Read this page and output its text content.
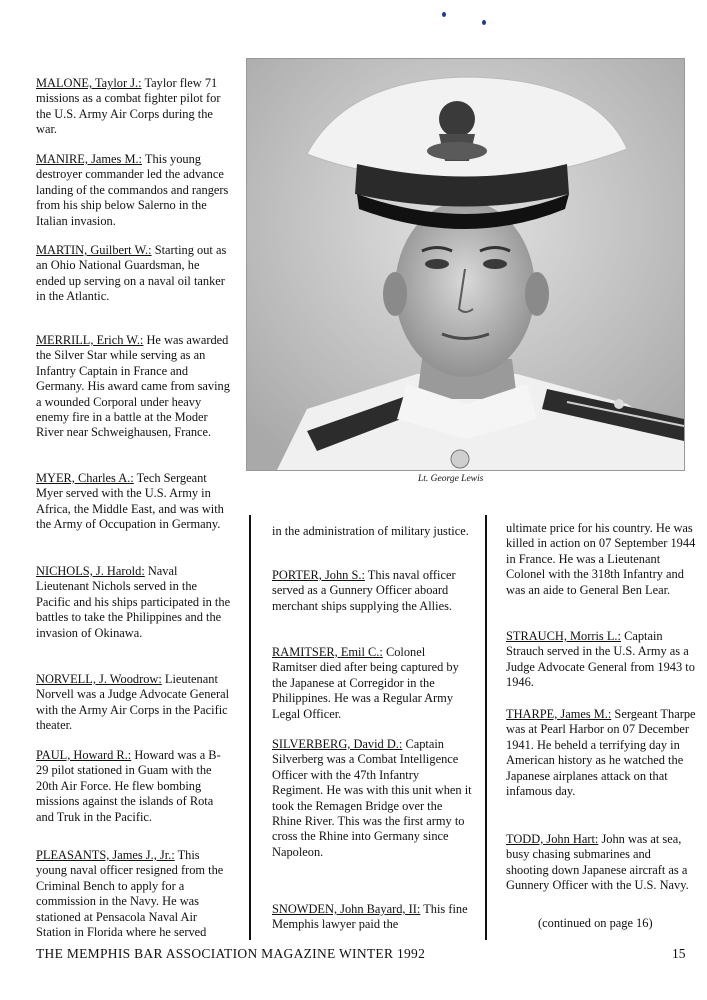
MALONE, Taylor J.: Taylor flew 71 missions as a combat fighter pilot for the U.S. Army Air Corps during the war.
MANIRE, James M.: This young destroyer commander led the advance landing of the commandos and rangers from his ship below Salerno in the Italian invasion.
MARTIN, Guilbert W.: Starting out as an Ohio National Guardsman, he ended up serving on a naval oil tanker in the Atlantic.
MERRILL, Erich W.: He was awarded the Silver Star while serving as an Infantry Captain in France and Germany. His award came from saving a wounded Corporal under heavy enemy fire in a battle at the Moder River near Schweighausen, France.
MYER, Charles A.: Tech Sergeant Myer served with the U.S. Army in Africa, the Middle East, and was with the Army of Occupation in Germany.
NICHOLS, J. Harold: Naval Lieutenant Nichols served in the Pacific and his ships participated in the battles to take the Philippines and the invasion of Okinawa.
NORVELL, J. Woodrow: Lieutenant Norvell was a Judge Advocate General with the Army Air Corps in the Pacific theater.
PAUL, Howard R.: Howard was a B-29 pilot stationed in Guam with the 20th Air Force. He flew bombing missions against the islands of Rota and Truk in the Pacific.
PLEASANTS, James J., Jr.: This young naval officer resigned from the Criminal Bench to apply for a commission in the Navy. He was stationed at Pensacola Naval Air Station in Florida where he served
Lt. George Lewis
in the administration of military justice.
PORTER, John S.: This naval officer served as a Gunnery Officer aboard merchant ships supplying the Allies.
RAMITSER, Emil C.: Colonel Ramitser died after being captured by the Japanese at Corregidor in the Philippines. He was a Regular Army Legal Officer.
SILVERBERG, David D.: Captain Silverberg was a Combat Intelligence Officer with the 47th Infantry Regiment. He was with this unit when it took the Remagen Bridge over the Rhine River. This was the first army to cross the Rhine into Germany since Napoleon.
SNOWDEN, John Bayard, II: This fine Memphis lawyer paid the
ultimate price for his country. He was killed in action on 07 September 1944 in France. He was a Lieutenant Colonel with the 318th Infantry and was an aide to General Ben Lear.
STRAUCH, Morris L.: Captain Strauch served in the U.S. Army as a Judge Advocate General from 1943 to 1946.
THARPE, James M.: Sergeant Tharpe was at Pearl Harbor on 07 December 1941. He beheld a terrifying day in American history as he watched the Japanese airplanes attack on that infamous day.
TODD, John Hart: John was at sea, busy chasing submarines and shooting down Japanese aircraft as a Gunnery Officer with the U.S. Navy.
(continued on page 16)
THE MEMPHIS BAR ASSOCIATION MAGAZINE WINTER 1992	15
